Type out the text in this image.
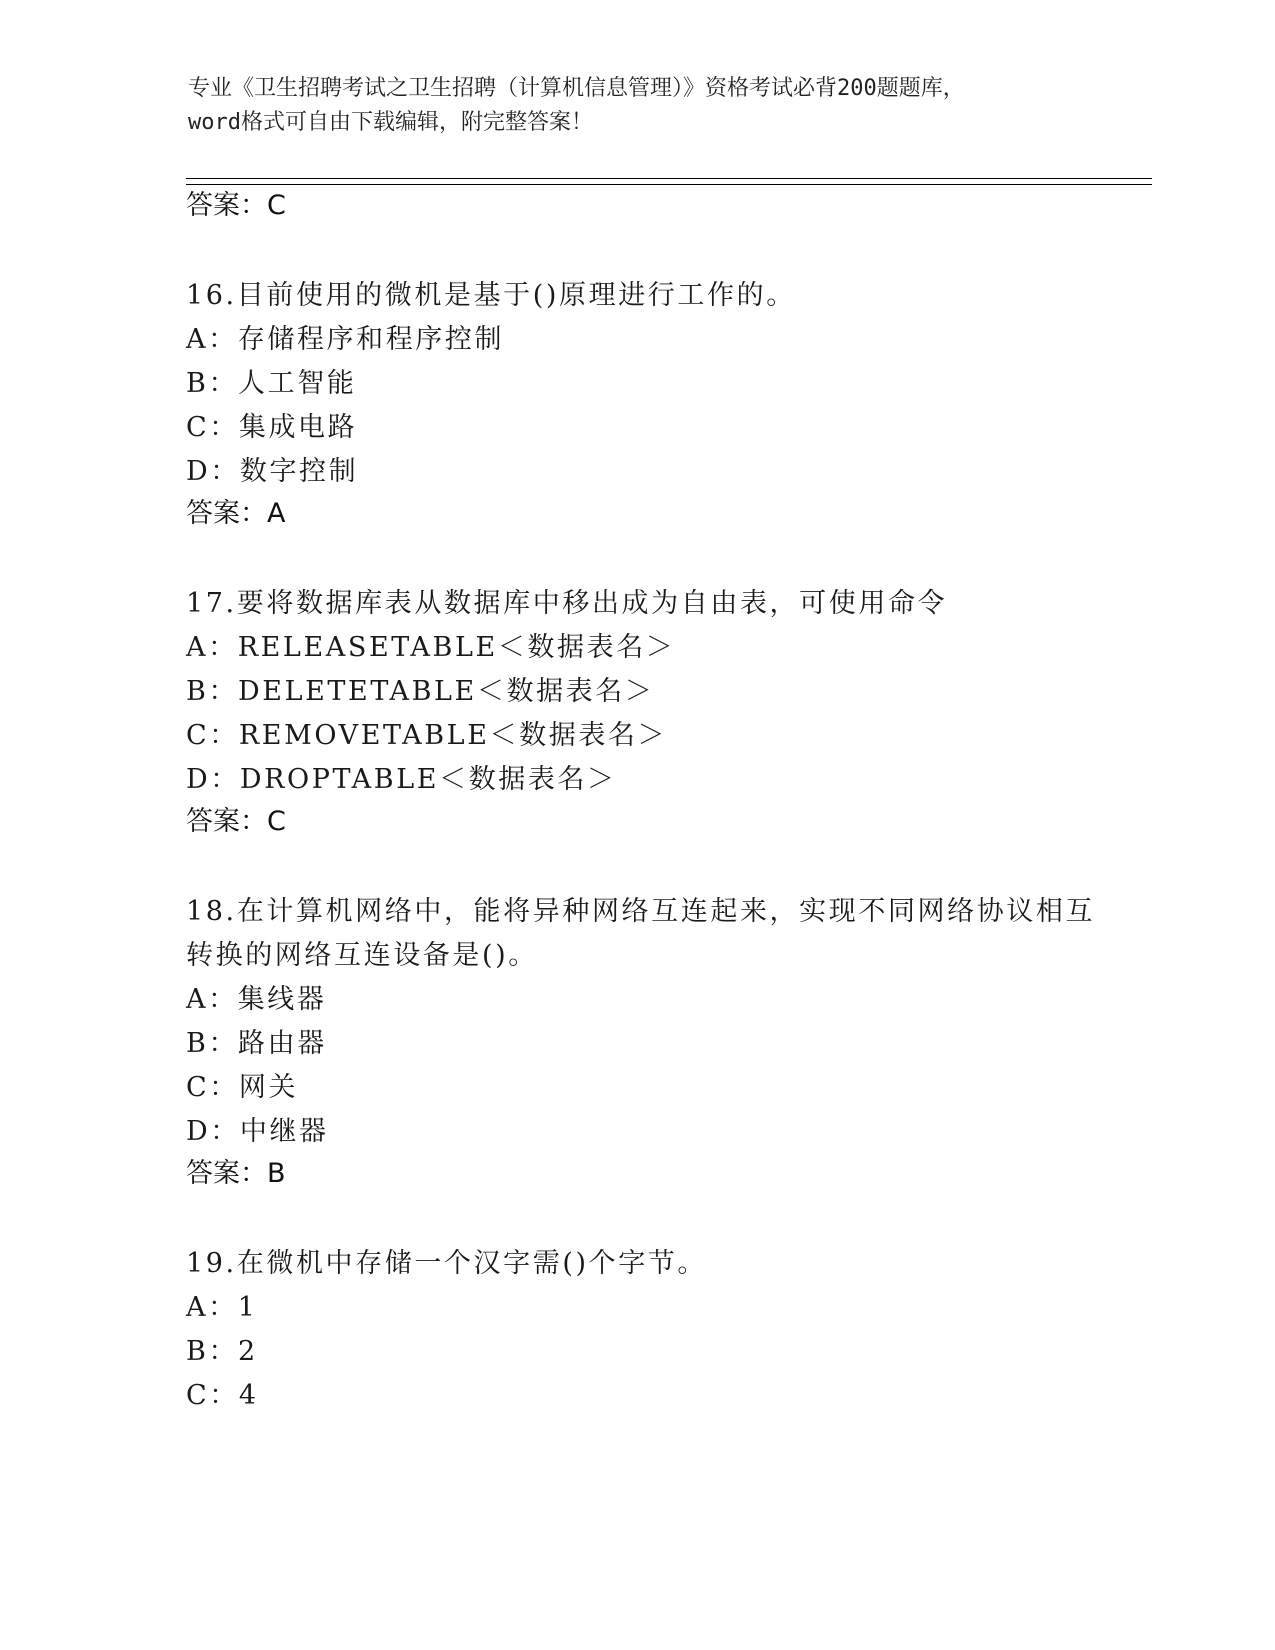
专业《卫生招聘考试之卫生招聘（计算机信息管理）》资格考试必背200题题库，
word格式可自由下载编辑，附完整答案！
答案：C
16.目前使用的微机是基于()原理进行工作的。
A：存储程序和程序控制
B：人工智能
C：集成电路
D：数字控制
答案：A
17.要将数据库表从数据库中移出成为自由表，可使用命令
A：RELEASETABLE＜数据表名＞
B：DELETETABLE＜数据表名＞
C：REMOVETABLE＜数据表名＞
D：DROPTABLE＜数据表名＞
答案：C
18.在计算机网络中，能将异种网络互连起来，实现不同网络协议相互
转换的网络互连设备是()。
A：集线器
B：路由器
C：网关
D：中继器
答案：B
19.在微机中存储一个汉字需()个字节。
A：1
B：2
C：4
